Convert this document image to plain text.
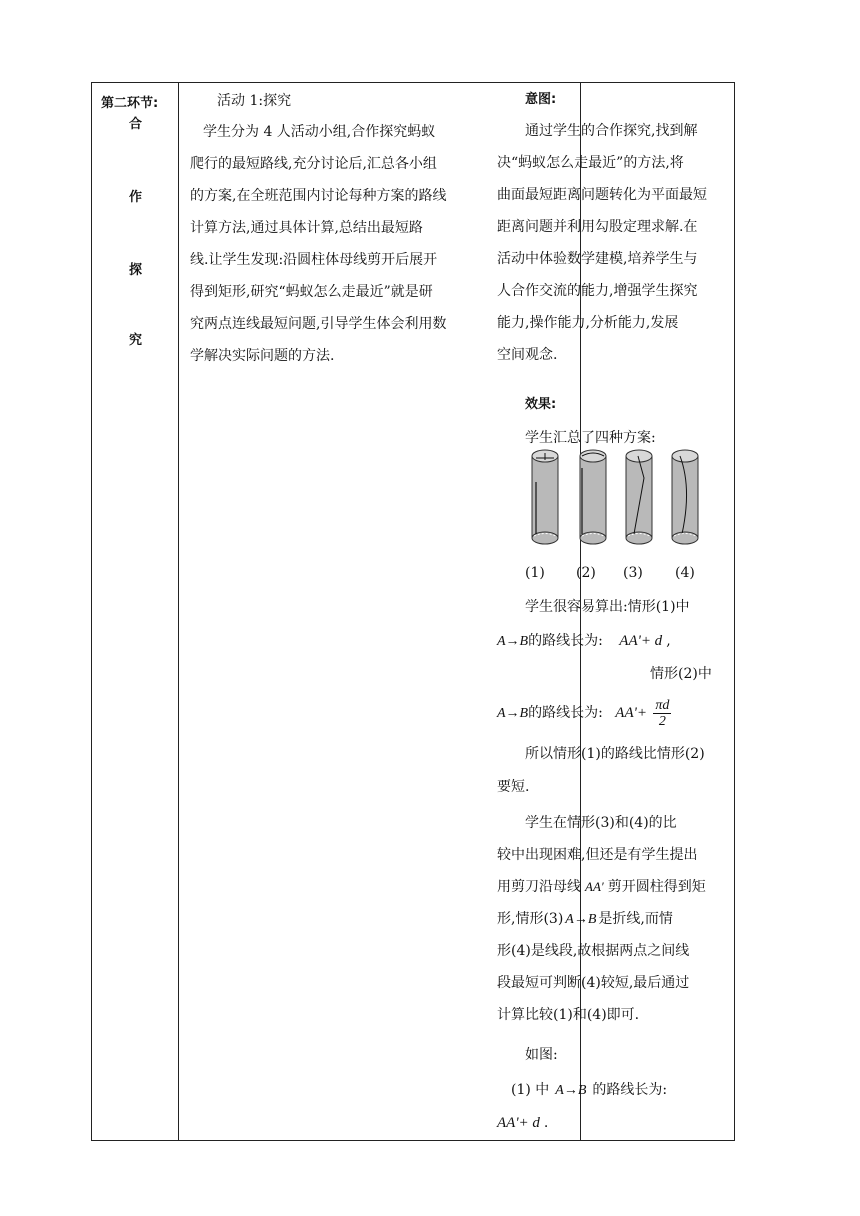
第二环节:
合
作
探
究
活动 1:探究
学生分为 4 人活动小组,合作探究蚂蚁
爬行的最短路线,充分讨论后,汇总各小组
的方案,在全班范围内讨论每种方案的路线
计算方法,通过具体计算,总结出最短路
线.让学生发现:沿圆柱体母线剪开后展开
得到矩形,研究“蚂蚁怎么走最近”就是研
究两点连线最短问题,引导学生体会利用数
学解决实际问题的方法.
意图:
通过学生的合作探究,找到解
决“蚂蚁怎么走最近”的方法,将
曲面最短距离问题转化为平面最短
距离问题并利用勾股定理求解.在
活动中体验数学建模,培养学生与
人合作交流的能力,增强学生探究
能力,操作能力,分析能力,发展
空间观念.
效果:
学生汇总了四种方案:
(1) (2) (3) (4)
学生很容易算出:情形(1)中
A→B的路线长为: AA'+ d ,
情形(2)中
A→B的路线长为: $AA'+ \frac{\pi d}{2}$
所以情形(1)的路线比情形(2)
要短.
学生在情形(3)和(4)的比
较中出现困难,但还是有学生提出
用剪刀沿母线 AA′ 剪开圆柱得到矩
形,情形(3) A→B 是折线,而情
形(4)是线段,故根据两点之间线
段最短可判断(4)较短,最后通过
计算比较(1)和(4)即可.
如图:
(1) 中 A→B 的路线长为:
AA'+ d .
